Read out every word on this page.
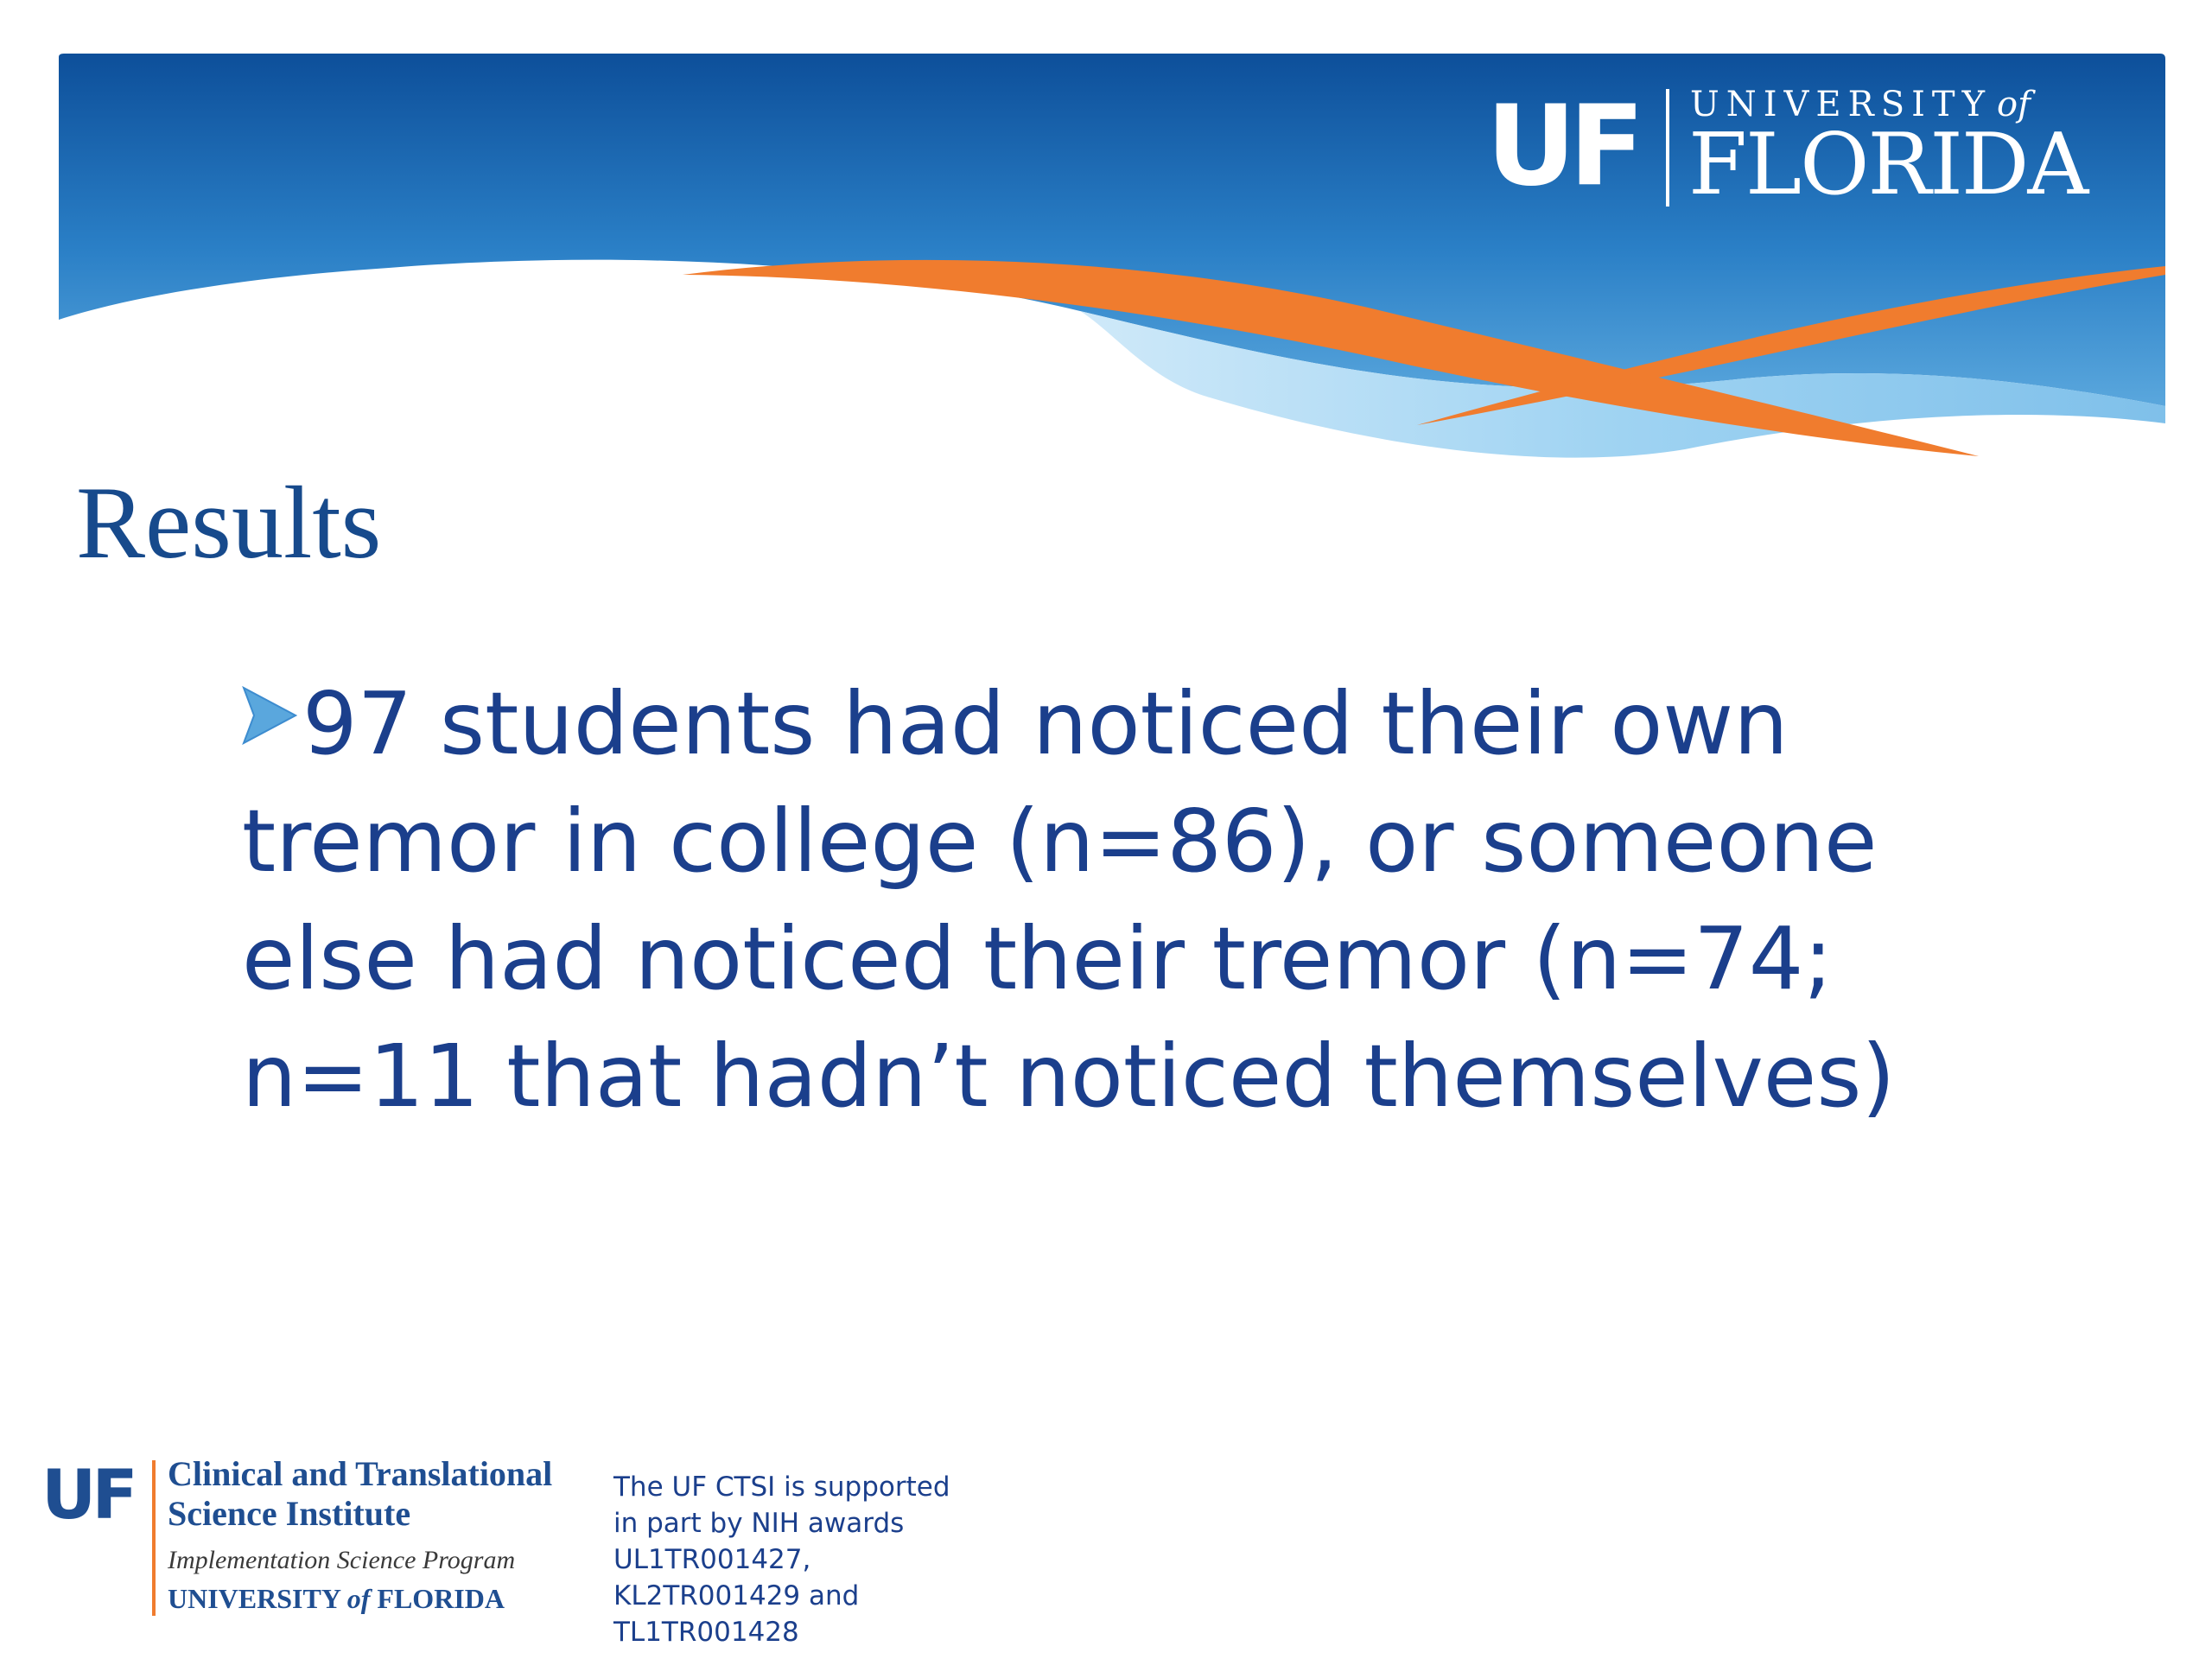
UF UNIVERSITY of
FLORIDA
Results
97 students had noticed their own
tremor in college (n=86), or someone
else had noticed their tremor (n=74;
n=11 that hadn’t noticed themselves)
UF Clinical and Translational
Science Institute
Implementation Science Program
UNIVERSITY of FLORIDA
The UF CTSI is supported
in part by NIH awards
UL1TR001427,
KL2TR001429 and
TL1TR001428
